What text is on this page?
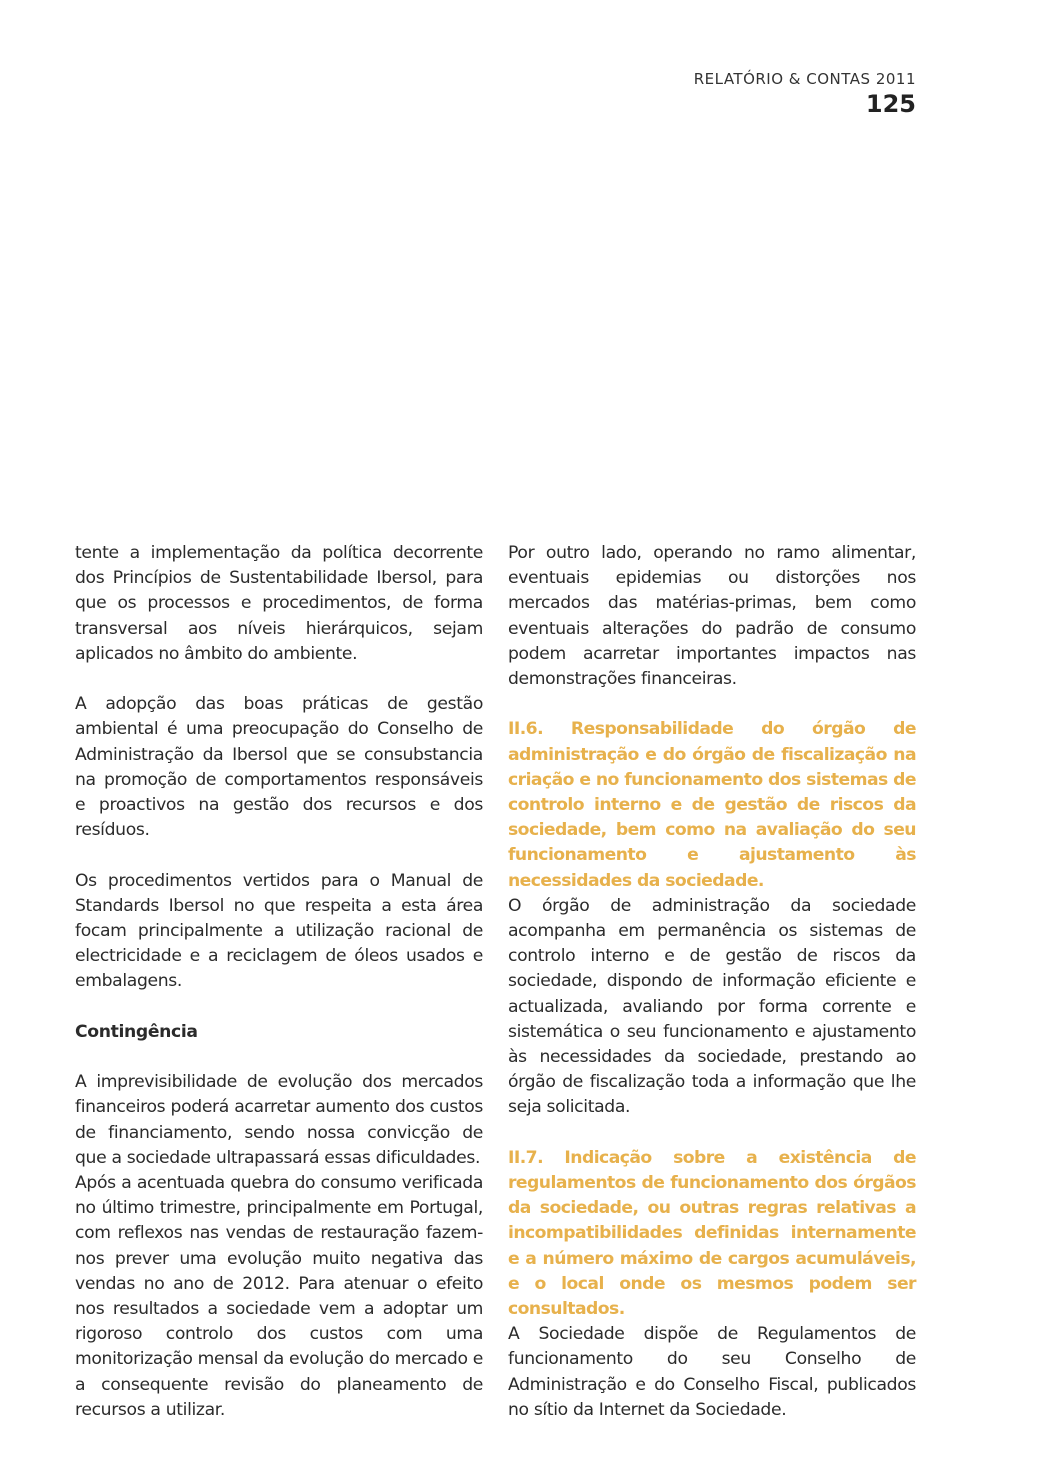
RELATÓRIO & CONTAS 2011
125

tente a implementação da política decorrente dos Princípios de Sustentabilidade Ibersol, para que os processos e procedimentos, de forma transversal aos níveis hierárquicos, sejam aplicados no âmbito do ambiente.

A adopção das boas práticas de gestão ambiental é uma preocupação do Conselho de Administração da Ibersol que se consubstancia na promoção de comportamentos responsáveis e proactivos na gestão dos recursos e dos resíduos.

Os procedimentos vertidos para o Manual de Standards Ibersol no que respeita a esta área focam principalmente a utilização racional de electricidade e a reciclagem de óleos usados e embalagens.

Contingência

A imprevisibilidade de evolução dos mercados financeiros poderá acarretar aumento dos custos de financiamento, sendo nossa convicção de que a sociedade ultrapassará essas dificuldades.

Após a acentuada quebra do consumo verificada no último trimestre, principalmente em Portugal, com reflexos nas vendas de restauração fazem-nos prever uma evolução muito negativa das vendas no ano de 2012. Para atenuar o efeito nos resultados a sociedade vem a adoptar um rigoroso controlo dos custos com uma monitorização mensal da evolução do mercado e a consequente revisão do planeamento de recursos a utilizar.

Por outro lado, operando no ramo alimentar, eventuais epidemias ou distorções nos mercados das matérias-primas, bem como eventuais alterações do padrão de consumo podem acarretar importantes impactos nas demonstrações financeiras.

II.6. Responsabilidade do órgão de administração e do órgão de fiscalização na criação e no funcionamento dos sistemas de controlo interno e de gestão de riscos da sociedade, bem como na avaliação do seu funcionamento e ajustamento às necessidades da sociedade.

O órgão de administração da sociedade acompanha em permanência os sistemas de controlo interno e de gestão de riscos da sociedade, dispondo de informação eficiente e actualizada, avaliando por forma corrente e sistemática o seu funcionamento e ajustamento às necessidades da sociedade, prestando ao órgão de fiscalização toda a informação que lhe seja solicitada.

II.7. Indicação sobre a existência de regulamentos de funcionamento dos órgãos da sociedade, ou outras regras relativas a incompatibilidades definidas internamente e a número máximo de cargos acumuláveis, e o local onde os mesmos podem ser consultados.

A Sociedade dispõe de Regulamentos de funcionamento do seu Conselho de Administração e do Conselho Fiscal, publicados no sítio da Internet da Sociedade.
